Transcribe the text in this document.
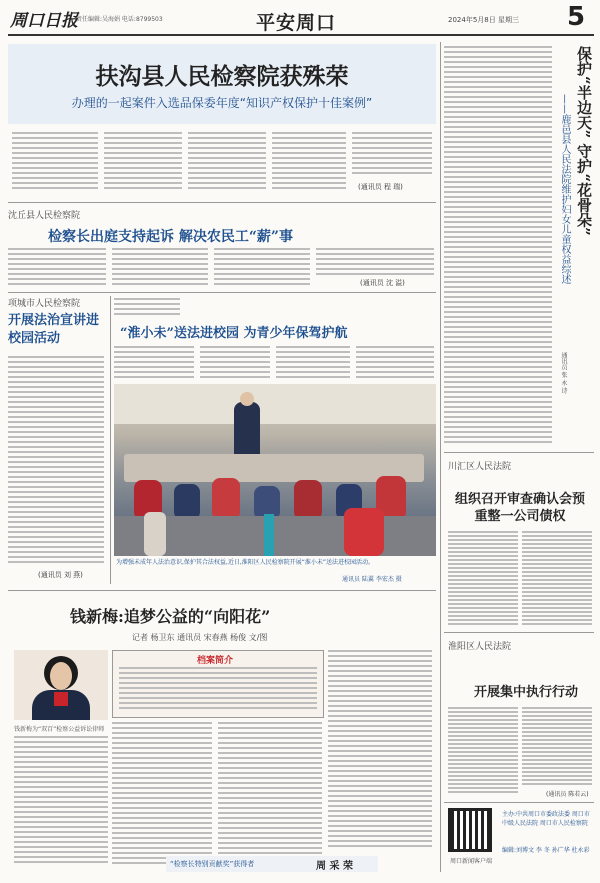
周口日报
责任编辑:吴海娟 电话:8799503	平安周口	2024年5月8日 星期三 5
扶沟县人民检察院获殊荣
办理的一起案件入选品保委年度“知识产权保护十佳案例”
(通讯员 程 瑞)
沈丘县人民检察院
检察长出庭支持起诉 解决农民工“薪”事
(通讯员 沈 溢)
项城市人民检察院
开展法治宣讲进校园活动
(通讯员 刘 燕)
“淮小未”送法进校园 为青少年保驾护航
为增强未成年人法治意识,保护其合法权益,近日,淮阳区人民检察院开展“淮小未”送法进校园活动。
通讯员 陆翼 李宏杰 摄
钱新梅:追梦公益的“向阳花”
记者 杨卫东 通讯员 宋春燕 杨俊 文/图
钱新梅为“双百”检察公益诉讼律师
档案简介
“检察长特别贡献奖”获得者	周 采 荣
保护“半边天” 守护“花骨朵”
——鹿邑县人民法院维护妇女儿童权益综述
通讯员 张 永 诗
川汇区人民法院
组织召开审查确认会预重整一公司债权
淮阳区人民法院
开展集中执行行动
(通讯员 陈若云)
周口新闻客户端
主办:中共周口市委政法委 周口市中级人民法院 周口市人民检察院
编辑:刘博文 李 冬 孙广华 杜永彩
